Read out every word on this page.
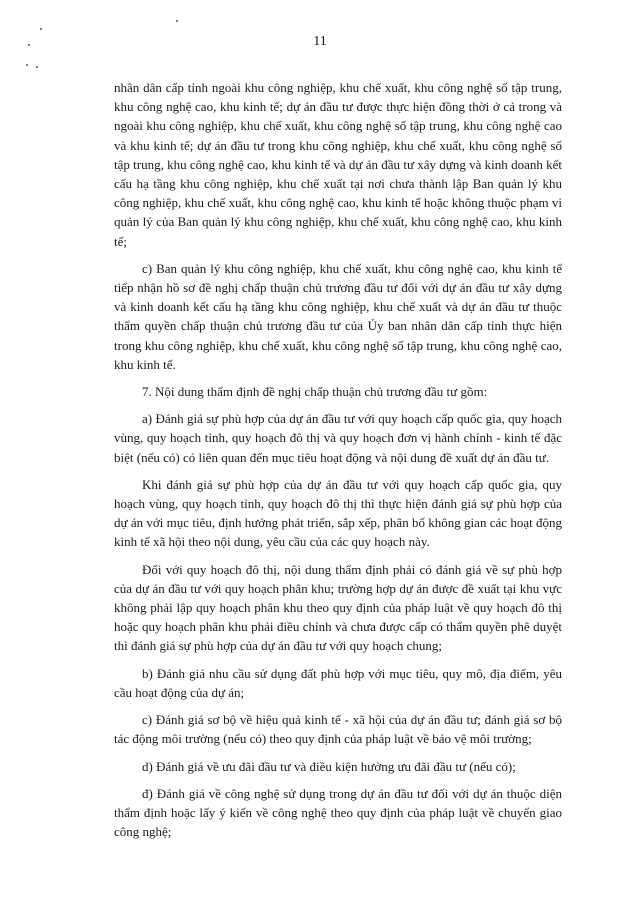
11

nhân dân cấp tỉnh ngoài khu công nghiệp, khu chế xuất, khu công nghệ số tập trung, khu công nghệ cao, khu kinh tế; dự án đầu tư được thực hiện đồng thời ở cả trong và ngoài khu công nghiệp, khu chế xuất, khu công nghệ số tập trung, khu công nghệ cao và khu kinh tế; dự án đầu tư trong khu công nghiệp, khu chế xuất, khu công nghệ số tập trung, khu công nghệ cao, khu kinh tế và dự án đầu tư xây dựng và kinh doanh kết cấu hạ tầng khu công nghiệp, khu chế xuất tại nơi chưa thành lập Ban quản lý khu công nghiệp, khu chế xuất, khu công nghệ cao, khu kinh tế hoặc không thuộc phạm vi quản lý của Ban quản lý khu công nghiệp, khu chế xuất, khu công nghệ cao, khu kinh tế;

c) Ban quản lý khu công nghiệp, khu chế xuất, khu công nghệ cao, khu kinh tế tiếp nhận hồ sơ đề nghị chấp thuận chủ trương đầu tư đối với dự án đầu tư xây dựng và kinh doanh kết cấu hạ tầng khu công nghiệp, khu chế xuất và dự án đầu tư thuộc thẩm quyền chấp thuận chủ trương đầu tư của Ủy ban nhân dân cấp tỉnh thực hiện trong khu công nghiệp, khu chế xuất, khu công nghệ số tập trung, khu công nghệ cao, khu kinh tế.

7. Nội dung thẩm định đề nghị chấp thuận chủ trương đầu tư gồm:

a) Đánh giá sự phù hợp của dự án đầu tư với quy hoạch cấp quốc gia, quy hoạch vùng, quy hoạch tỉnh, quy hoạch đô thị và quy hoạch đơn vị hành chính - kinh tế đặc biệt (nếu có) có liên quan đến mục tiêu hoạt động và nội dung đề xuất dự án đầu tư.

Khi đánh giá sự phù hợp của dự án đầu tư với quy hoạch cấp quốc gia, quy hoạch vùng, quy hoạch tỉnh, quy hoạch đô thị thì thực hiện đánh giá sự phù hợp của dự án với mục tiêu, định hướng phát triển, sắp xếp, phân bố không gian các hoạt động kinh tế xã hội theo nội dung, yêu cầu của các quy hoạch này.

Đối với quy hoạch đô thị, nội dung thẩm định phải có đánh giá về sự phù hợp của dự án đầu tư với quy hoạch phân khu; trường hợp dự án được đề xuất tại khu vực không phải lập quy hoạch phân khu theo quy định của pháp luật về quy hoạch đô thị hoặc quy hoạch phân khu phải điều chỉnh và chưa được cấp có thẩm quyền phê duyệt thì đánh giá sự phù hợp của dự án đầu tư với quy hoạch chung;

b) Đánh giá nhu cầu sử dụng đất phù hợp với mục tiêu, quy mô, địa điểm, yêu cầu hoạt động của dự án;

c) Đánh giá sơ bộ về hiệu quả kinh tế - xã hội của dự án đầu tư; đánh giá sơ bộ tác động môi trường (nếu có) theo quy định của pháp luật về bảo vệ môi trường;

d) Đánh giá về ưu đãi đầu tư và điều kiện hưởng ưu đãi đầu tư (nếu có);

đ) Đánh giá về công nghệ sử dụng trong dự án đầu tư đối với dự án thuộc diện thẩm định hoặc lấy ý kiến về công nghệ theo quy định của pháp luật về chuyển giao công nghệ;
